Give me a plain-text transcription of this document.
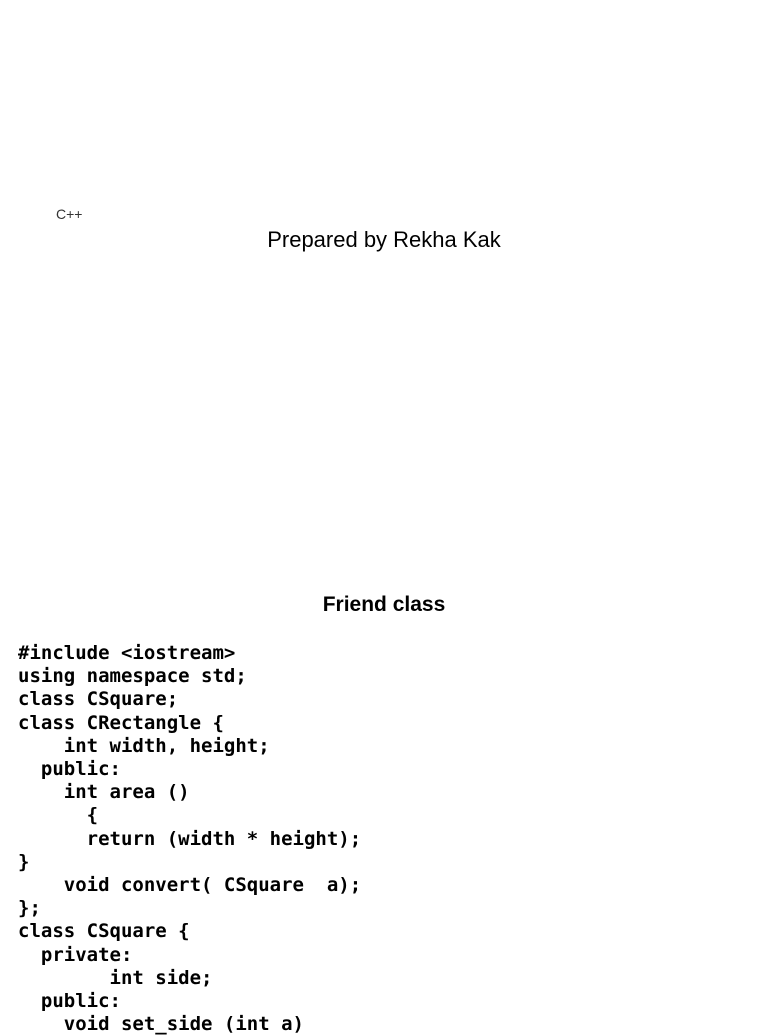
C++
Prepared by Rekha Kak
Friend class
#include <iostream>
using namespace std;
class CSquare;
class CRectangle {
int width, height;
public:
int area ()
{
return (width * height);
}
void convert( CSquare  a);
};
class CSquare {
private:
int side;
public:
void set_side (int a)
